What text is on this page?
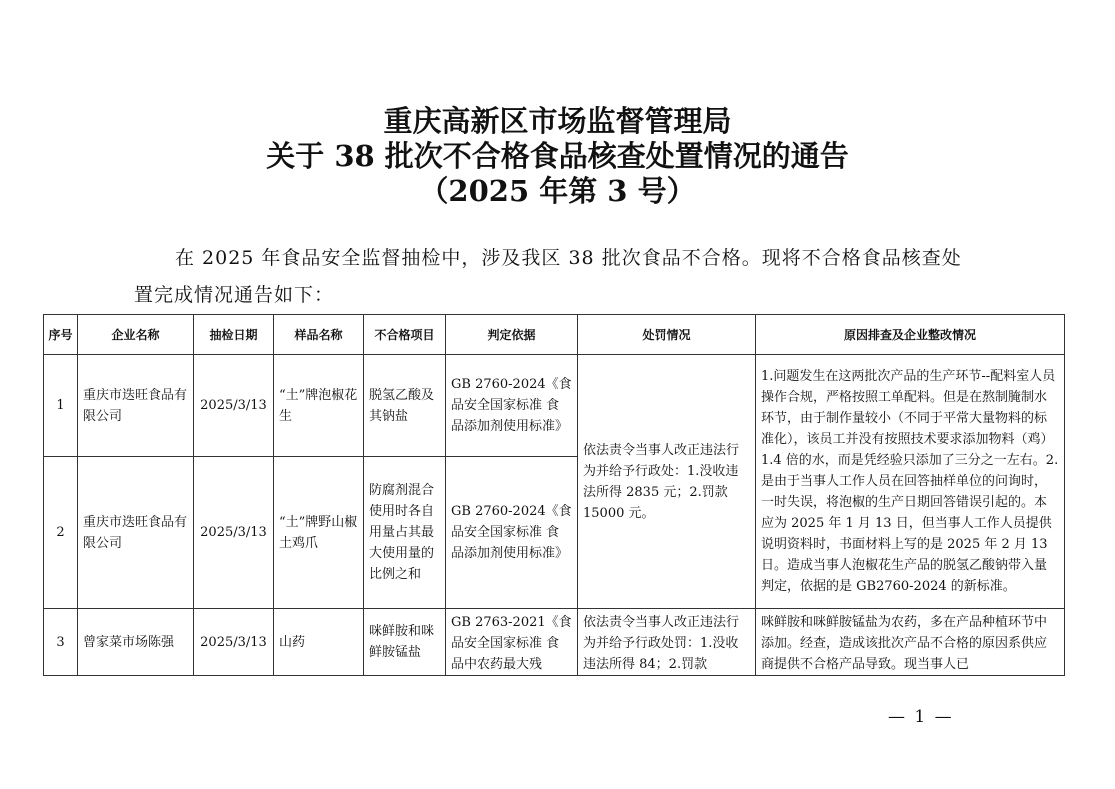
重庆高新区市场监督管理局
关于 38 批次不合格食品核查处置情况的通告
（2025 年第 3 号）
在 2025 年食品安全监督抽检中，涉及我区 38 批次食品不合格。现将不合格食品核查处
置完成情况通告如下：
序号	企业名称	抽检日期	样品名称	不合格项目	判定依据	处罚情况	原因排查及企业整改情况
1	重庆市迭旺食品有限公司	2025/3/13	“土”牌泡椒花生	脱氢乙酸及其钠盐	GB 2760-2024《食品安全国家标准 食品添加剂使用标准》	依法责令当事人改正违法行为并给予行政处：1.没收违法所得 2835 元；2.罚款 15000 元。	1.问题发生在这两批次产品的生产环节--配料室人员操作合规，严格按照工单配料。但是在熬制腌制水环节，由于制作量较小（不同于平常大量物料的标准化），该员工并没有按照技术要求添加物料（鸡）1.4 倍的水，而是凭经验只添加了三分之一左右。2.是由于当事人工作人员在回答抽样单位的问询时，一时失误，将泡椒的生产日期回答错误引起的。本应为 2025 年 1 月 13 日，但当事人工作人员提供说明资料时，书面材料上写的是 2025 年 2 月 13 日。造成当事人泡椒花生产品的脱氢乙酸钠带入量判定，依据的是 GB2760-2024 的新标准。
2	重庆市迭旺食品有限公司	2025/3/13	“土”牌野山椒土鸡爪	防腐剂混合使用时各自用量占其最大使用量的比例之和	GB 2760-2024《食品安全国家标准 食品添加剂使用标准》		
3	曾家菜市场陈强	2025/3/13	山药	咪鲜胺和咪鲜胺锰盐	GB 2763-2021《食品安全国家标准 食品中农药最大残	依法责令当事人改正违法行为并给予行政处罚：1.没收违法所得 84；2.罚款	咪鲜胺和咪鲜胺锰盐为农药，多在产品种植环节中添加。经查，造成该批次产品不合格的原因系供应商提供不合格产品导致。现当事人已
— 1 —
